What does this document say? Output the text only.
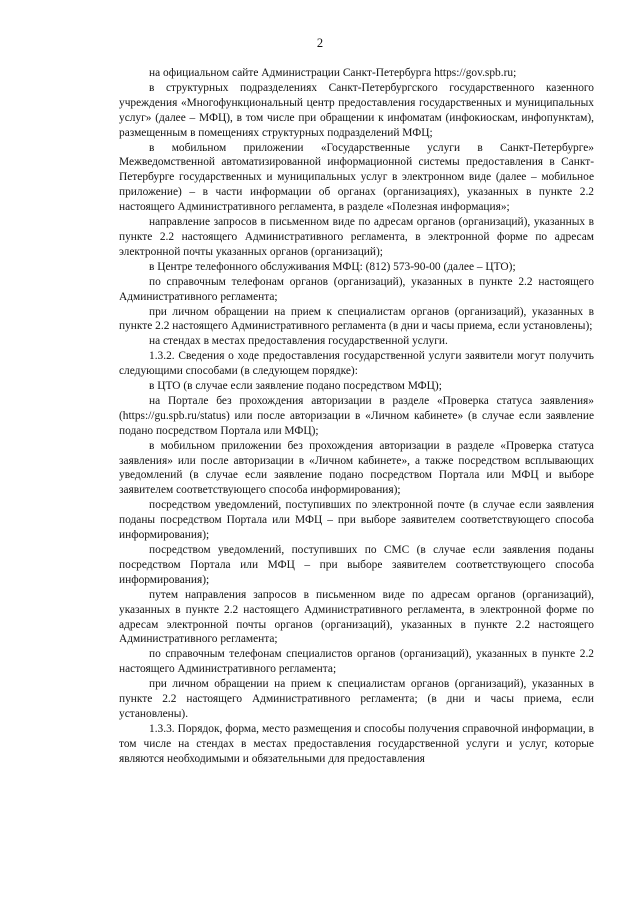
2

на официальном сайте Администрации Санкт-Петербурга https://gov.spb.ru;

в структурных подразделениях Санкт-Петербургского государственного казенного учреждения «Многофункциональный центр предоставления государственных и муниципальных услуг» (далее – МФЦ), в том числе при обращении к инфоматам (инфокиоскам, инфопунктам), размещенным в помещениях структурных подразделений МФЦ;

в мобильном приложении «Государственные услуги в Санкт-Петербурге» Межведомственной автоматизированной информационной системы предоставления в Санкт-Петербурге государственных и муниципальных услуг в электронном виде (далее – мобильное приложение) – в части информации об органах (организациях), указанных в пункте 2.2 настоящего Административного регламента, в разделе «Полезная информация»;

направление запросов в письменном виде по адресам органов (организаций), указанных в пункте 2.2 настоящего Административного регламента, в электронной форме по адресам электронной почты указанных органов (организаций);

в Центре телефонного обслуживания МФЦ: (812) 573-90-00 (далее – ЦТО);

по справочным телефонам органов (организаций), указанных в пункте 2.2 настоящего Административного регламента;

при личном обращении на прием к специалистам органов (организаций), указанных в пункте 2.2 настоящего Административного регламента (в дни и часы приема, если установлены);

на стендах в местах предоставления государственной услуги.

1.3.2. Сведения о ходе предоставления государственной услуги заявители могут получить следующими способами (в следующем порядке):

в ЦТО (в случае если заявление подано посредством МФЦ);

на Портале без прохождения авторизации в разделе «Проверка статуса заявления» (https://gu.spb.ru/status) или после авторизации в «Личном кабинете» (в случае если заявление подано посредством Портала или МФЦ);

в мобильном приложении без прохождения авторизации в разделе «Проверка статуса заявления» или после авторизации в «Личном кабинете», а также посредством всплывающих уведомлений (в случае если заявление подано посредством Портала или МФЦ и выборе заявителем соответствующего способа информирования);

посредством уведомлений, поступивших по электронной почте (в случае если заявления поданы посредством Портала или МФЦ – при выборе заявителем соответствующего способа информирования);

посредством уведомлений, поступивших по СМС (в случае если заявления поданы посредством Портала или МФЦ – при выборе заявителем соответствующего способа информирования);

путем направления запросов в письменном виде по адресам органов (организаций), указанных в пункте 2.2 настоящего Административного регламента, в электронной форме по адресам электронной почты органов (организаций), указанных в пункте 2.2 настоящего Административного регламента;

по справочным телефонам специалистов органов (организаций), указанных в пункте 2.2 настоящего Административного регламента;

при личном обращении на прием к специалистам органов (организаций), указанных в пункте 2.2 настоящего Административного регламента; (в дни и часы приема, если установлены).

1.3.3. Порядок, форма, место размещения и способы получения справочной информации, в том числе на стендах в местах предоставления государственной услуги и услуг, которые являются необходимыми и обязательными для предоставления
